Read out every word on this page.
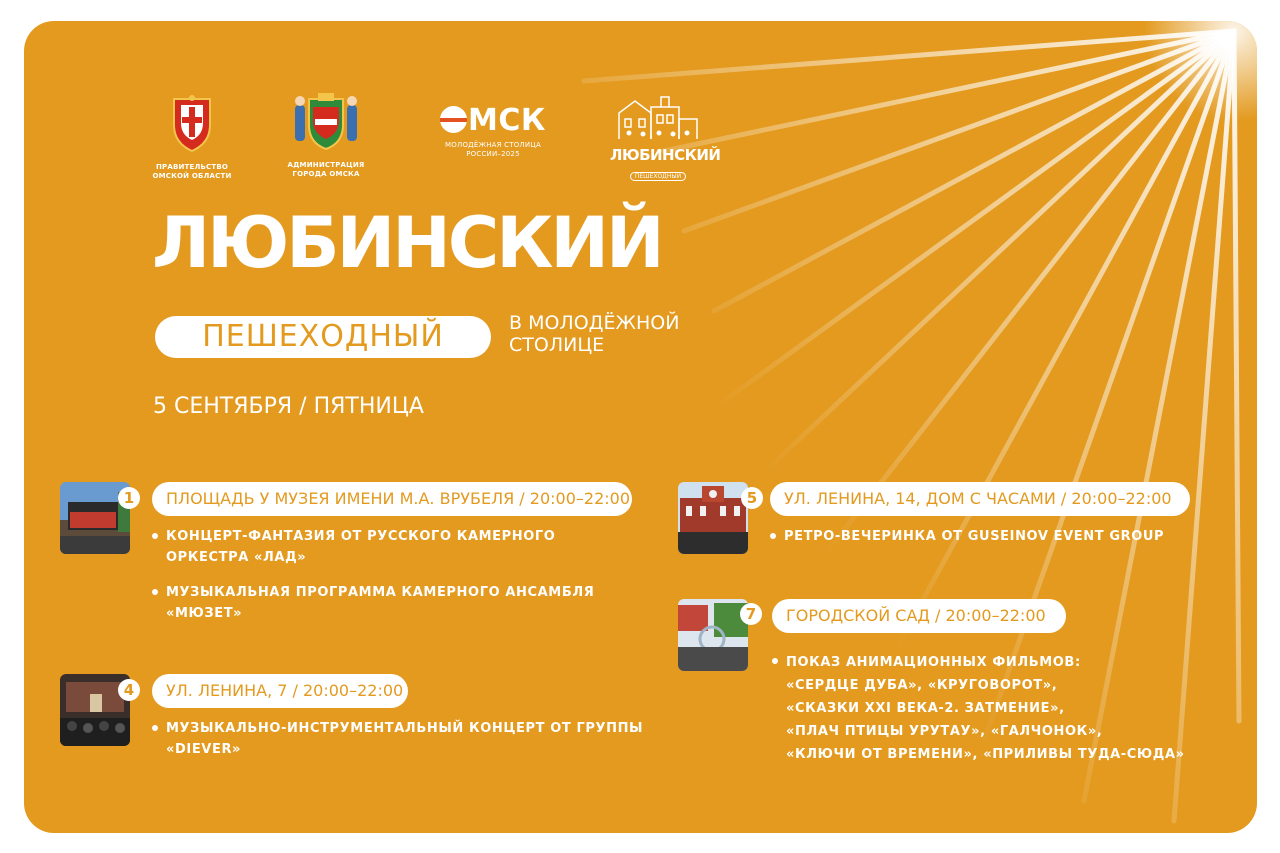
ПРАВИТЕЛЬСТВО
ОМСКОЙ ОБЛАСТИ
АДМИНИСТРАЦИЯ
ГОРОДА ОМСКА
МСК
МОЛОДЁЖНАЯ СТОЛИЦА
РОССИИ–2025	ЛЮБИНСКИЙ
ПЕШЕХОДНЫЙ
ЛЮБИНСКИЙ
ПЕШЕХОДНЫЙ	В МОЛОДЁЖНОЙ
СТОЛИЦЕ
5 СЕНТЯБРЯ / ПЯТНИЦА
1	ПЛОЩАДЬ У МУЗЕЯ ИМЕНИ М.А. ВРУБЕЛЯ / 20:00–22:00
КОНЦЕРТ-ФАНТАЗИЯ ОТ РУССКОГО КАМЕРНОГО
ОРКЕСТРА «ЛАД»
МУЗЫКАЛЬНАЯ ПРОГРАММА КАМЕРНОГО АНСАМБЛЯ
«МЮЗЕТ»
4	УЛ. ЛЕНИНА, 7 / 20:00–22:00
МУЗЫКАЛЬНО-ИНСТРУМЕНТАЛЬНЫЙ КОНЦЕРТ ОТ ГРУППЫ
«DIEVER»
5	УЛ. ЛЕНИНА, 14, ДОМ С ЧАСАМИ / 20:00–22:00
РЕТРО-ВЕЧЕРИНКА ОТ GUSEINOV EVENT GROUP
7	ГОРОДСКОЙ САД / 20:00–22:00
ПОКАЗ АНИМАЦИОННЫХ ФИЛЬМОВ:
«СЕРДЦЕ ДУБА», «КРУГОВОРОТ»,
«СКАЗКИ XXI ВЕКА-2. ЗАТМЕНИЕ»,
«ПЛАЧ ПТИЦЫ УРУТАУ», «ГАЛЧОНОК»,
«КЛЮЧИ ОТ ВРЕМЕНИ», «ПРИЛИВЫ ТУДА-СЮДА»
